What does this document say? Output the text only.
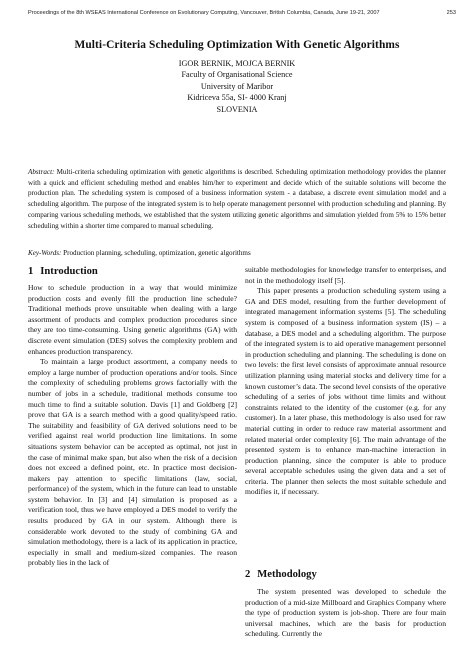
Proceedings of the 8th WSEAS International Conference on Evolutionary Computing, Vancouver, British Columbia, Canada, June 19-21, 2007	253
Multi-Criteria Scheduling Optimization With Genetic Algorithms
IGOR BERNIK, MOJCA BERNIK
Faculty of Organisational Science
University of Maribor
Kidriceva 55a, SI- 4000 Kranj
SLOVENIA
Abstract: Multi-criteria scheduling optimization with genetic algorithms is described. Scheduling optimization methodology provides the planner with a quick and efficient scheduling method and enables him/her to experiment and decide which of the suitable solutions will become the production plan. The scheduling system is composed of a business information system - a database, a discrete event simulation model and a scheduling algorithm. The purpose of the integrated system is to help operate management personnel with production scheduling and planning. By comparing various scheduling methods, we established that the system utilizing genetic algorithms and simulation yielded from 5% to 15% better scheduling within a shorter time compared to manual scheduling.
Key-Words: Production planning, scheduling, optimization, genetic algorithms
1 Introduction

How to schedule production in a way that would minimize production costs and evenly fill the production line schedule? Traditional methods prove unsuitable when dealing with a large assortment of products and complex production procedures since they are too time-consuming. Using genetic algorithms (GA) with discrete event simulation (DES) solves the complexity problem and enhances production transparency.

To maintain a large product assortment, a company needs to employ a large number of production operations and/or tools. Since the complexity of scheduling problems grows factorially with the number of jobs in a schedule, traditional methods consume too much time to find a suitable solution. Davis [1] and Goldberg [2] prove that GA is a search method with a good quality/speed ratio. The suitability and feasibility of GA derived solutions need to be verified against real world production line limitations. In some situations system behavior can be accepted as optimal, not just in the case of minimal make span, but also when the risk of a decision does not exceed a defined point, etc. In practice most decision-makers pay attention to specific limitations (law, social, performance) of the system, which in the future can lead to unstable system behavior. In [3] and [4] simulation is proposed as a verification tool, thus we have employed a DES model to verify the results produced by GA in our system. Although there is considerable work devoted to the study of combining GA and simulation methodology, there is a lack of its application in practice, especially in small and medium-sized companies. The reason probably lies in the lack of

suitable methodologies for knowledge transfer to enterprises, and not in the methodology itself [5].

This paper presents a production scheduling system using a GA and DES model, resulting from the further development of integrated management information systems [5]. The scheduling system is composed of a business information system (IS) – a database, a DES model and a scheduling algorithm. The purpose of the integrated system is to aid operative management personnel in production scheduling and planning. The scheduling is done on two levels: the first level consists of approximate annual resource utilization planning using material stocks and delivery time for a known customer’s data. The second level consists of the operative scheduling of a series of jobs without time limits and without constraints related to the identity of the customer (e.g. for any customer). In a later phase, this methodology is also used for raw material cutting in order to reduce raw material assortment and related material order complexity [6]. The main advantage of the presented system is to enhance man-machine interaction in production planning, since the computer is able to produce several acceptable schedules using the given data and a set of criteria. The planner then selects the most suitable schedule and modifies it, if necessary.

2 Methodology

The system presented was developed to schedule the production of a mid-size Millboard and Graphics Company where the type of production system is job-shop. There are four main universal machines, which are the basis for production scheduling. Currently the
